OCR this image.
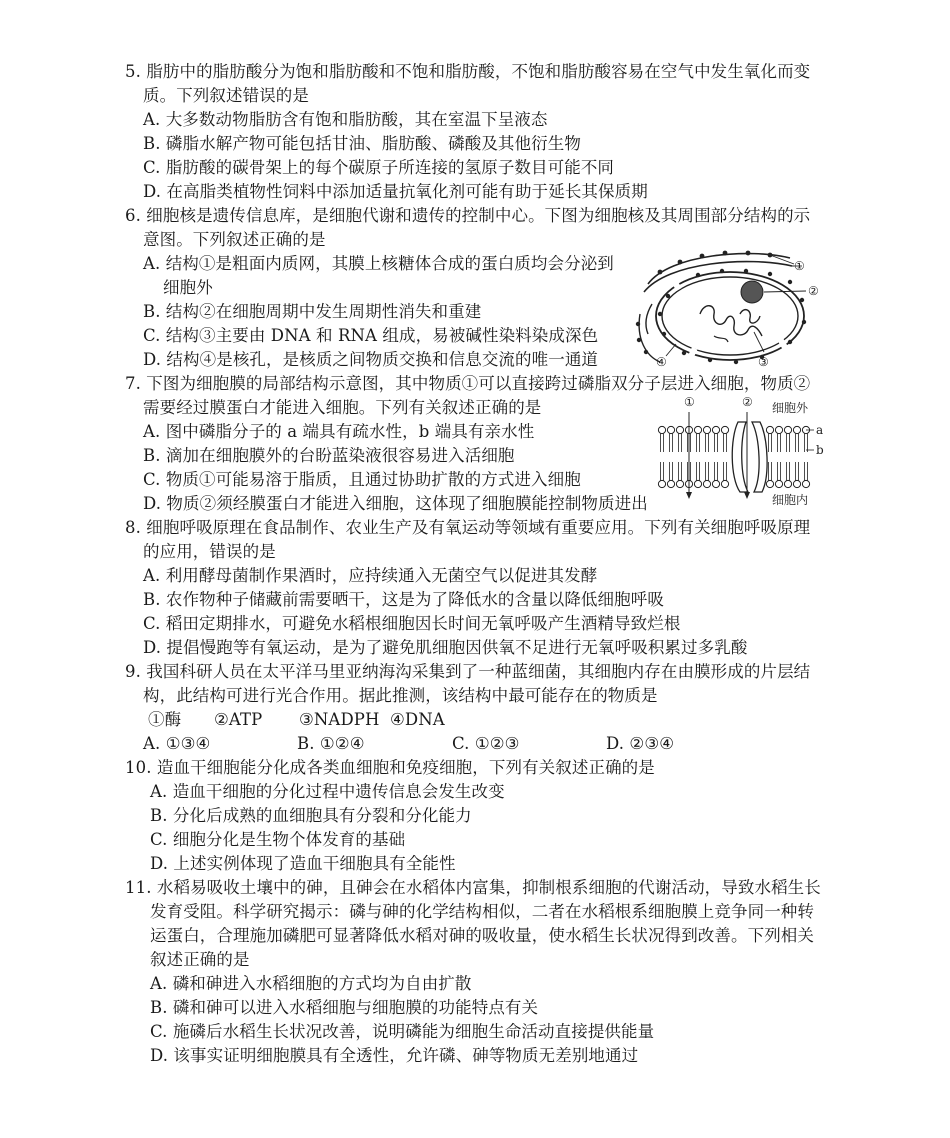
5. 脂肪中的脂肪酸分为饱和脂肪酸和不饱和脂肪酸，不饱和脂肪酸容易在空气中发生氧化而变
质。下列叙述错误的是
A. 大多数动物脂肪含有饱和脂肪酸，其在室温下呈液态
B. 磷脂水解产物可能包括甘油、脂肪酸、磷酸及其他衍生物
C. 脂肪酸的碳骨架上的每个碳原子所连接的氢原子数目可能不同
D. 在高脂类植物性饲料中添加适量抗氧化剂可能有助于延长其保质期
6. 细胞核是遗传信息库，是细胞代谢和遗传的控制中心。下图为细胞核及其周围部分结构的示
意图。下列叙述正确的是
A. 结构①是粗面内质网，其膜上核糖体合成的蛋白质均会分泌到
细胞外
B. 结构②在细胞周期中发生周期性消失和重建
C. 结构③主要由 DNA 和 RNA 组成，易被碱性染料染成深色
D. 结构④是核孔，是核质之间物质交换和信息交流的唯一通道
①
②
③
④
7. 下图为细胞膜的局部结构示意图，其中物质①可以直接跨过磷脂双分子层进入细胞，物质②
需要经过膜蛋白才能进入细胞。下列有关叙述正确的是
A. 图中磷脂分子的 a 端具有疏水性，b 端具有亲水性
B. 滴加在细胞膜外的台盼蓝染液很容易进入活细胞
C. 物质①可能易溶于脂质，且通过协助扩散的方式进入细胞
D. 物质②须经膜蛋白才能进入细胞，这体现了细胞膜能控制物质进出
①	② 细胞外
a
b
细胞内
8. 细胞呼吸原理在食品制作、农业生产及有氧运动等领域有重要应用。下列有关细胞呼吸原理
的应用，错误的是
A. 利用酵母菌制作果酒时，应持续通入无菌空气以促进其发酵
B. 农作物种子储藏前需要晒干，这是为了降低水的含量以降低细胞呼吸
C. 稻田定期排水，可避免水稻根细胞因长时间无氧呼吸产生酒精导致烂根
D. 提倡慢跑等有氧运动，是为了避免肌细胞因供氧不足进行无氧呼吸积累过多乳酸
9. 我国科研人员在太平洋马里亚纳海沟采集到了一种蓝细菌，其细胞内存在由膜形成的片层结
构，此结构可进行光合作用。据此推测，该结构中最可能存在的物质是
①酶 ②ATP ③NADPH ④DNA
A. ①③④	B. ①②④	C. ①②③	D. ②③④
10. 造血干细胞能分化成各类血细胞和免疫细胞，下列有关叙述正确的是
A. 造血干细胞的分化过程中遗传信息会发生改变
B. 分化后成熟的血细胞具有分裂和分化能力
C. 细胞分化是生物个体发育的基础
D. 上述实例体现了造血干细胞具有全能性
11. 水稻易吸收土壤中的砷，且砷会在水稻体内富集，抑制根系细胞的代谢活动，导致水稻生长
发育受阻。科学研究揭示：磷与砷的化学结构相似，二者在水稻根系细胞膜上竞争同一种转
运蛋白，合理施加磷肥可显著降低水稻对砷的吸收量，使水稻生长状况得到改善。下列相关
叙述正确的是
A. 磷和砷进入水稻细胞的方式均为自由扩散
B. 磷和砷可以进入水稻细胞与细胞膜的功能特点有关
C. 施磷后水稻生长状况改善，说明磷能为细胞生命活动直接提供能量
D. 该事实证明细胞膜具有全透性，允许磷、砷等物质无差别地通过
